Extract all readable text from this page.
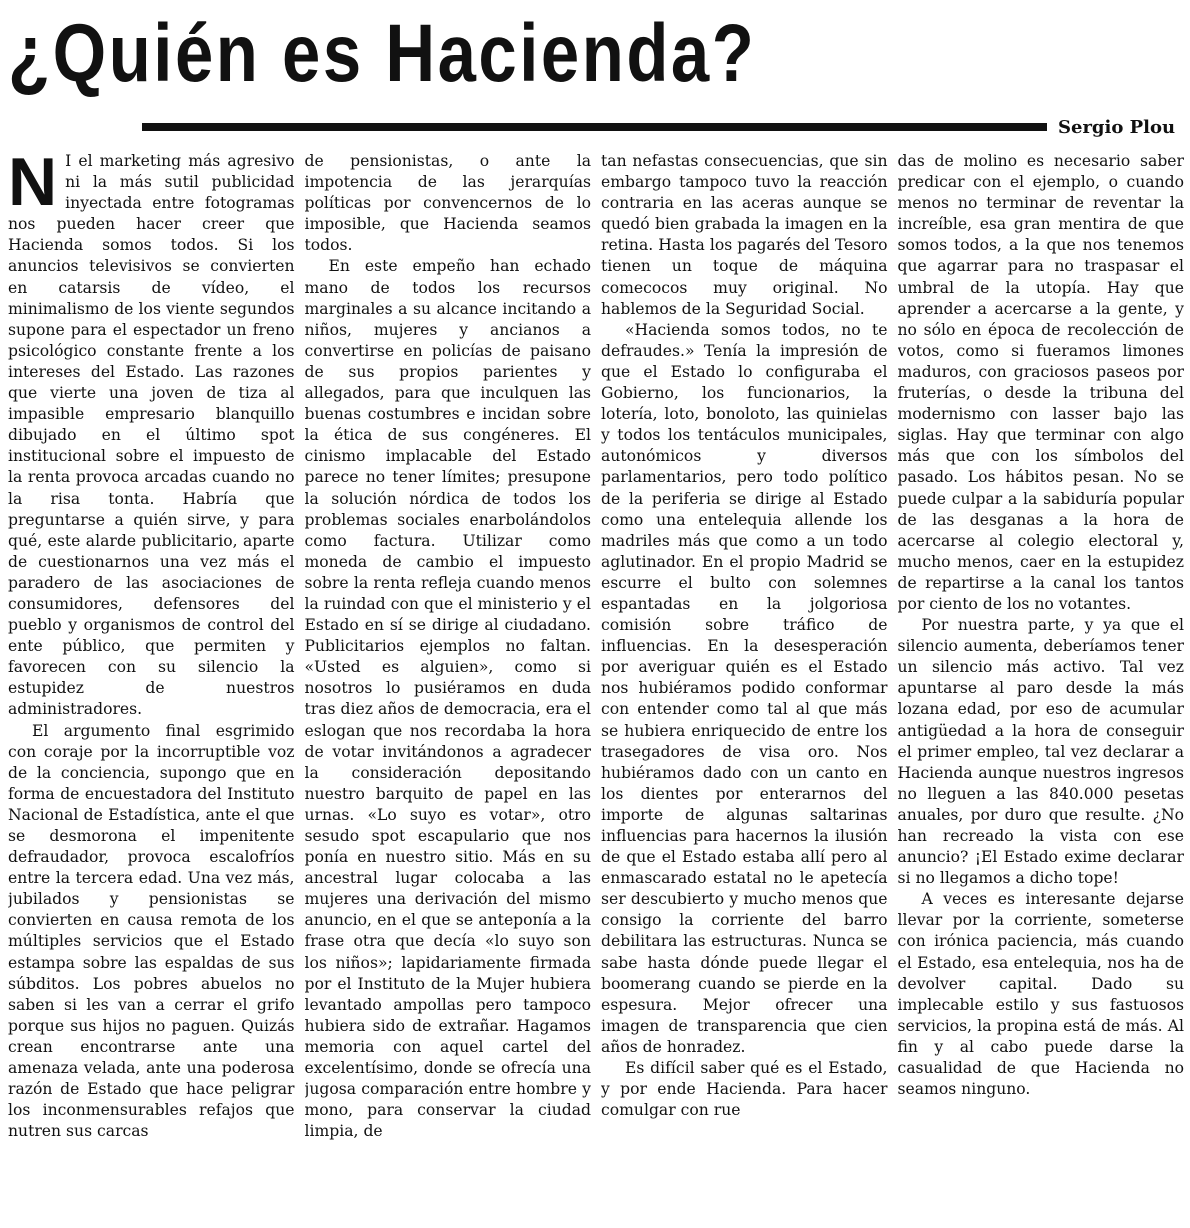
¿Quién es Hacienda?
Sergio Plou

N I el marketing más agresivo ni la más sutil publicidad inyectada entre fotogramas nos pueden hacer creer que Hacienda somos todos. Si los anuncios televisivos se convierten en catarsis de vídeo, el minimalismo de los viente segundos supone para el espectador un freno psicológico constante frente a los intereses del Estado. Las razones que vierte una joven de tiza al impasible empresario blanquillo dibujado en el último spot institucional sobre el impuesto de la renta provoca arcadas cuando no la risa tonta. Habría que preguntarse a quién sirve, y para qué, este alarde publicitario, aparte de cuestionarnos una vez más el paradero de las asociaciones de consumidores, defensores del pueblo y organismos de control del ente público, que permiten y favorecen con su silencio la estupidez de nuestros administradores.

El argumento final esgrimido con coraje por la incorruptible voz de la conciencia, supongo que en forma de encuestadora del Instituto Nacional de Estadística, ante el que se desmorona el impenitente defraudador, provoca escalofríos entre la tercera edad. Una vez más, jubilados y pensionistas se convierten en causa remota de los múltiples servicios que el Estado estampa sobre las espaldas de sus súbditos. Los pobres abuelos no saben si les van a cerrar el grifo porque sus hijos no paguen. Quizás crean encontrarse ante una amenaza velada, ante una poderosa razón de Estado que hace peligrar los inconmensurables refajos que nutren sus carcas

de pensionistas, o ante la impotencia de las jerarquías políticas por convencernos de lo imposible, que Hacienda seamos todos.

En este empeño han echado mano de todos los recursos marginales a su alcance incitando a niños, mujeres y ancianos a convertirse en policías de paisano de sus propios parientes y allegados, para que inculquen las buenas costumbres e incidan sobre la ética de sus congéneres. El cinismo implacable del Estado parece no tener límites; presupone la solución nórdica de todos los problemas sociales enarbolándolos como factura. Utilizar como moneda de cambio el impuesto sobre la renta refleja cuando menos la ruindad con que el ministerio y el Estado en sí se dirige al ciudadano. Publicitarios ejemplos no faltan. «Usted es alguien», como si nosotros lo pusiéramos en duda tras diez años de democracia, era el eslogan que nos recordaba la hora de votar invitándonos a agradecer la consideración depositando nuestro barquito de papel en las urnas. «Lo suyo es votar», otro sesudo spot escapulario que nos ponía en nuestro sitio. Más en su ancestral lugar colocaba a las mujeres una derivación del mismo anuncio, en el que se anteponía a la frase otra que decía «lo suyo son los niños»; lapidariamente firmada por el Instituto de la Mujer hubiera levantado ampollas pero tampoco hubiera sido de extrañar. Hagamos memoria con aquel cartel del excelentísimo, donde se ofrecía una jugosa comparación entre hombre y mono, para conservar la ciudad limpia, de

tan nefastas consecuencias, que sin embargo tampoco tuvo la reacción contraria en las aceras aunque se quedó bien grabada la imagen en la retina. Hasta los pagarés del Tesoro tienen un toque de máquina comecocos muy original. No hablemos de la Seguridad Social.

«Hacienda somos todos, no te defraudes.» Tenía la impresión de que el Estado lo configuraba el Gobierno, los funcionarios, la lotería, loto, bonoloto, las quinielas y todos los tentáculos municipales, autonómicos y diversos parlamentarios, pero todo político de la periferia se dirige al Estado como una entelequia allende los madriles más que como a un todo aglutinador. En el propio Madrid se escurre el bulto con solemnes espantadas en la jolgoriosa comisión sobre tráfico de influencias. En la desesperación por averiguar quién es el Estado nos hubiéramos podido conformar con entender como tal al que más se hubiera enriquecido de entre los trasegadores de visa oro. Nos hubiéramos dado con un canto en los dientes por enterarnos del importe de algunas saltarinas influencias para hacernos la ilusión de que el Estado estaba allí pero al enmascarado estatal no le apetecía ser descubierto y mucho menos que consigo la corriente del barro debilitara las estructuras. Nunca se sabe hasta dónde puede llegar el boomerang cuando se pierde en la espesura. Mejor ofrecer una imagen de transparencia que cien años de honradez.

Es difícil saber qué es el Estado, y por ende Hacienda. Para hacer comulgar con rue

das de molino es necesario saber predicar con el ejemplo, o cuando menos no terminar de reventar la increíble, esa gran mentira de que somos todos, a la que nos tenemos que agarrar para no traspasar el umbral de la utopía. Hay que aprender a acercarse a la gente, y no sólo en época de recolección de votos, como si fueramos limones maduros, con graciosos paseos por fruterías, o desde la tribuna del modernismo con lasser bajo las siglas. Hay que terminar con algo más que con los símbolos del pasado. Los hábitos pesan. No se puede culpar a la sabiduría popular de las desganas a la hora de acercarse al colegio electoral y, mucho menos, caer en la estupidez de repartirse a la canal los tantos por ciento de los no votantes.

Por nuestra parte, y ya que el silencio aumenta, deberíamos tener un silencio más activo. Tal vez apuntarse al paro desde la más lozana edad, por eso de acumular antigüedad a la hora de conseguir el primer empleo, tal vez declarar a Hacienda aunque nuestros ingresos no lleguen a las 840.000 pesetas anuales, por duro que resulte. ¿No han recreado la vista con ese anuncio? ¡El Estado exime declarar si no llegamos a dicho tope!

A veces es interesante dejarse llevar por la corriente, someterse con irónica paciencia, más cuando el Estado, esa entelequia, nos ha de devolver capital. Dado su implecable estilo y sus fastuosos servicios, la propina está de más. Al fin y al cabo puede darse la casualidad de que Hacienda no seamos ninguno.
